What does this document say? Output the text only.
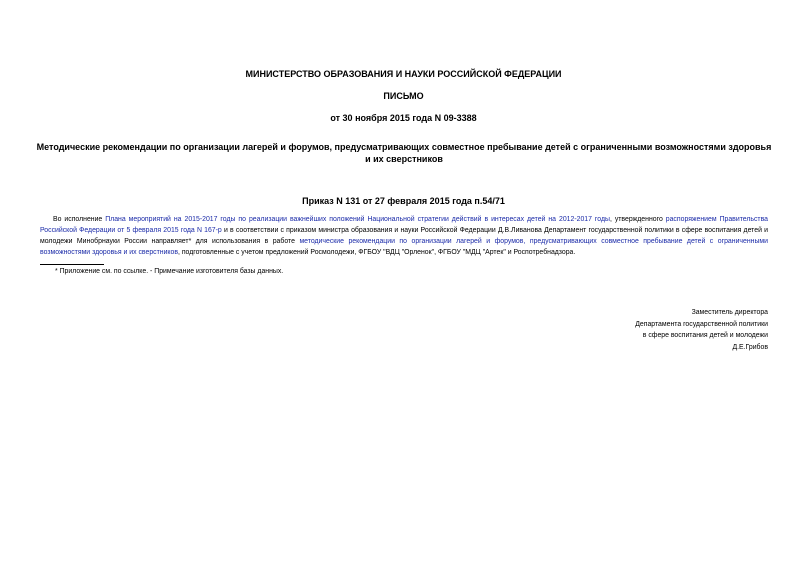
МИНИСТЕРСТВО ОБРАЗОВАНИЯ И НАУКИ РОССИЙСКОЙ ФЕДЕРАЦИИ
ПИСЬМО
от 30 ноября 2015 года N 09-3388
Методические рекомендации по организации лагерей и форумов, предусматривающих совместное пребывание детей с ограниченными возможностями здоровья и их сверстников
Приказ N 131 от 27 февраля 2015 года п.54/71
Во исполнение Плана мероприятий на 2015-2017 годы по реализации важнейших положений Национальной стратегии действий в интересах детей на 2012-2017 годы, утвержденного распоряжением Правительства Российской Федерации от 5 февраля 2015 года N 167-р и в соответствии с приказом министра образования и науки Российской Федерации Д.В.Ливанова Департамент государственной политики в сфере воспитания детей и молодежи Минобрнауки России направляет* для использования в работе методические рекомендации по организации лагерей и форумов, предусматривающих совместное пребывание детей с ограниченными возможностями здоровья и их сверстников, подготовленные с учетом предложений Росмолодежи, ФГБОУ "ВДЦ "Орленок", ФГБОУ "МДЦ "Артек" и Роспотребнадзора.
* Приложение см. по ссылке. - Примечание изготовителя базы данных.
Заместитель директора
Департамента государственной политики
в сфере воспитания детей и молодежи
Д.Е.Грибов
